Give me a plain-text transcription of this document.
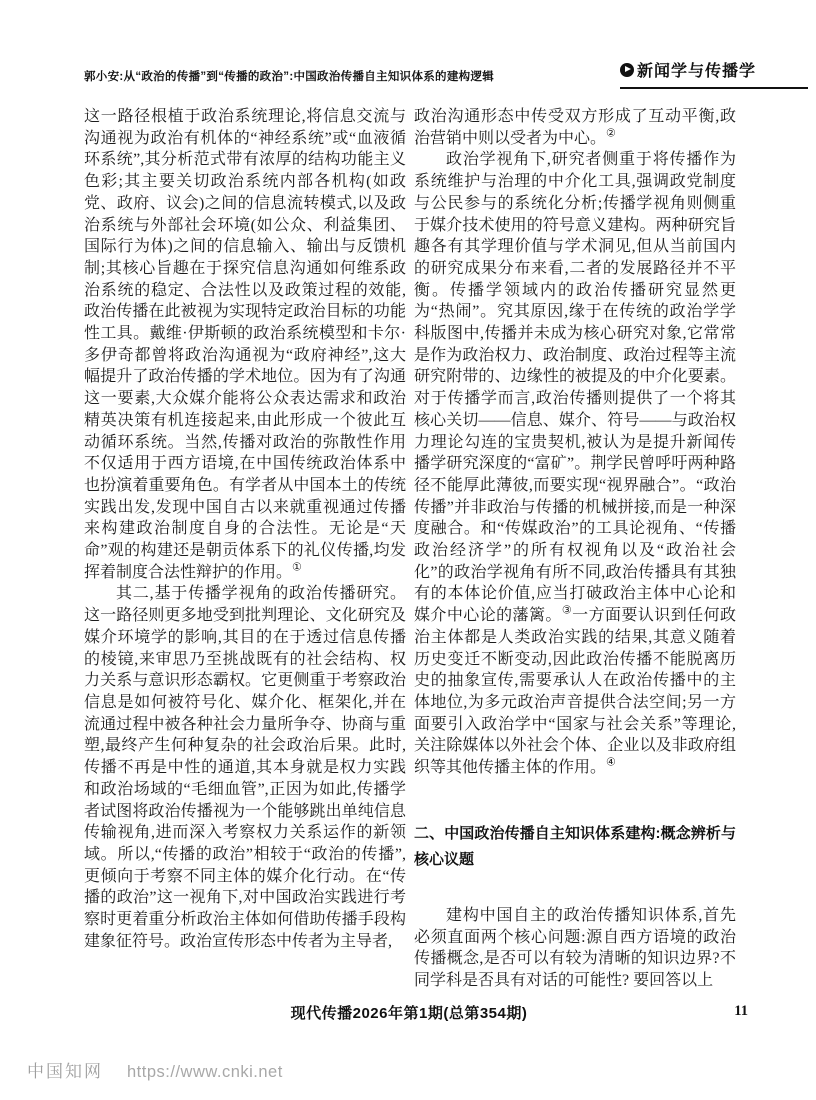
郭小安:从“政治的传播”到“传播的政治”:中国政治传播自主知识体系的建构逻辑	新闻学与传播学
这一路径根植于政治系统理论,将信息交流与沟通视为政治有机体的“神经系统”或“血液循环系统”,其分析范式带有浓厚的结构功能主义色彩;其主要关切政治系统内部各机构(如政党、政府、议会)之间的信息流转模式,以及政治系统与外部社会环境(如公众、利益集团、国际行为体)之间的信息输入、输出与反馈机制;其核心旨趣在于探究信息沟通如何维系政治系统的稳定、合法性以及政策过程的效能,政治传播在此被视为实现特定政治目标的功能性工具。戴维·伊斯顿的政治系统模型和卡尔·多伊奇都曾将政治沟通视为“政府神经”,这大幅提升了政治传播的学术地位。因为有了沟通这一要素,大众媒介能将公众表达需求和政治精英决策有机连接起来,由此形成一个彼此互动循环系统。当然,传播对政治的弥散性作用不仅适用于西方语境,在中国传统政治体系中也扮演着重要角色。有学者从中国本土的传统实践出发,发现中国自古以来就重视通过传播来构建政治制度自身的合法性。无论是“天命”观的构建还是朝贡体系下的礼仪传播,均发挥着制度合法性辩护的作用。①
其二,基于传播学视角的政治传播研究。这一路径则更多地受到批判理论、文化研究及媒介环境学的影响,其目的在于透过信息传播的棱镜,来审思乃至挑战既有的社会结构、权力关系与意识形态霸权。它更侧重于考察政治信息是如何被符号化、媒介化、框架化,并在流通过程中被各种社会力量所争夺、协商与重塑,最终产生何种复杂的社会政治后果。此时,传播不再是中性的通道,其本身就是权力实践和政治场域的“毛细血管”,正因为如此,传播学者试图将政治传播视为一个能够跳出单纯信息传输视角,进而深入考察权力关系运作的新领域。所以,“传播的政治”相较于“政治的传播”,更倾向于考察不同主体的媒介化行动。在“传播的政治”这一视角下,对中国政治实践进行考察时更着重分析政治主体如何借助传播手段构建象征符号。政治宣传形态中传者为主导者,
政治沟通形态中传受双方形成了互动平衡,政治营销中则以受者为中心。②
政治学视角下,研究者侧重于将传播作为系统维护与治理的中介化工具,强调政党制度与公民参与的系统化分析;传播学视角则侧重于媒介技术使用的符号意义建构。两种研究旨趣各有其学理价值与学术洞见,但从当前国内的研究成果分布来看,二者的发展路径并不平衡。传播学领域内的政治传播研究显然更为“热闹”。究其原因,缘于在传统的政治学学科版图中,传播并未成为核心研究对象,它常常是作为政治权力、政治制度、政治过程等主流研究附带的、边缘性的被提及的中介化要素。对于传播学而言,政治传播则提供了一个将其核心关切——信息、媒介、符号——与政治权力理论勾连的宝贵契机,被认为是提升新闻传播学研究深度的“富矿”。荆学民曾呼吁两种路径不能厚此薄彼,而要实现“视界融合”。“政治传播”并非政治与传播的机械拼接,而是一种深度融合。和“传媒政治”的工具论视角、“传播政治经济学”的所有权视角以及“政治社会化”的政治学视角有所不同,政治传播具有其独有的本体论价值,应当打破政治主体中心论和媒介中心论的藩篱。③一方面要认识到任何政治主体都是人类政治实践的结果,其意义随着历史变迁不断变动,因此政治传播不能脱离历史的抽象宣传,需要承认人在政治传播中的主体地位,为多元政治声音提供合法空间;另一方面要引入政治学中“国家与社会关系”等理论,关注除媒体以外社会个体、企业以及非政府组织等其他传播主体的作用。④
二、中国政治传播自主知识体系建构:概念辨析与核心议题
建构中国自主的政治传播知识体系,首先必须直面两个核心问题:源自西方语境的政治传播概念,是否可以有较为清晰的知识边界?不同学科是否具有对话的可能性? 要回答以上
现代传播2026年第1期(总第354期)	11
中国知网 https://www.cnki.net
